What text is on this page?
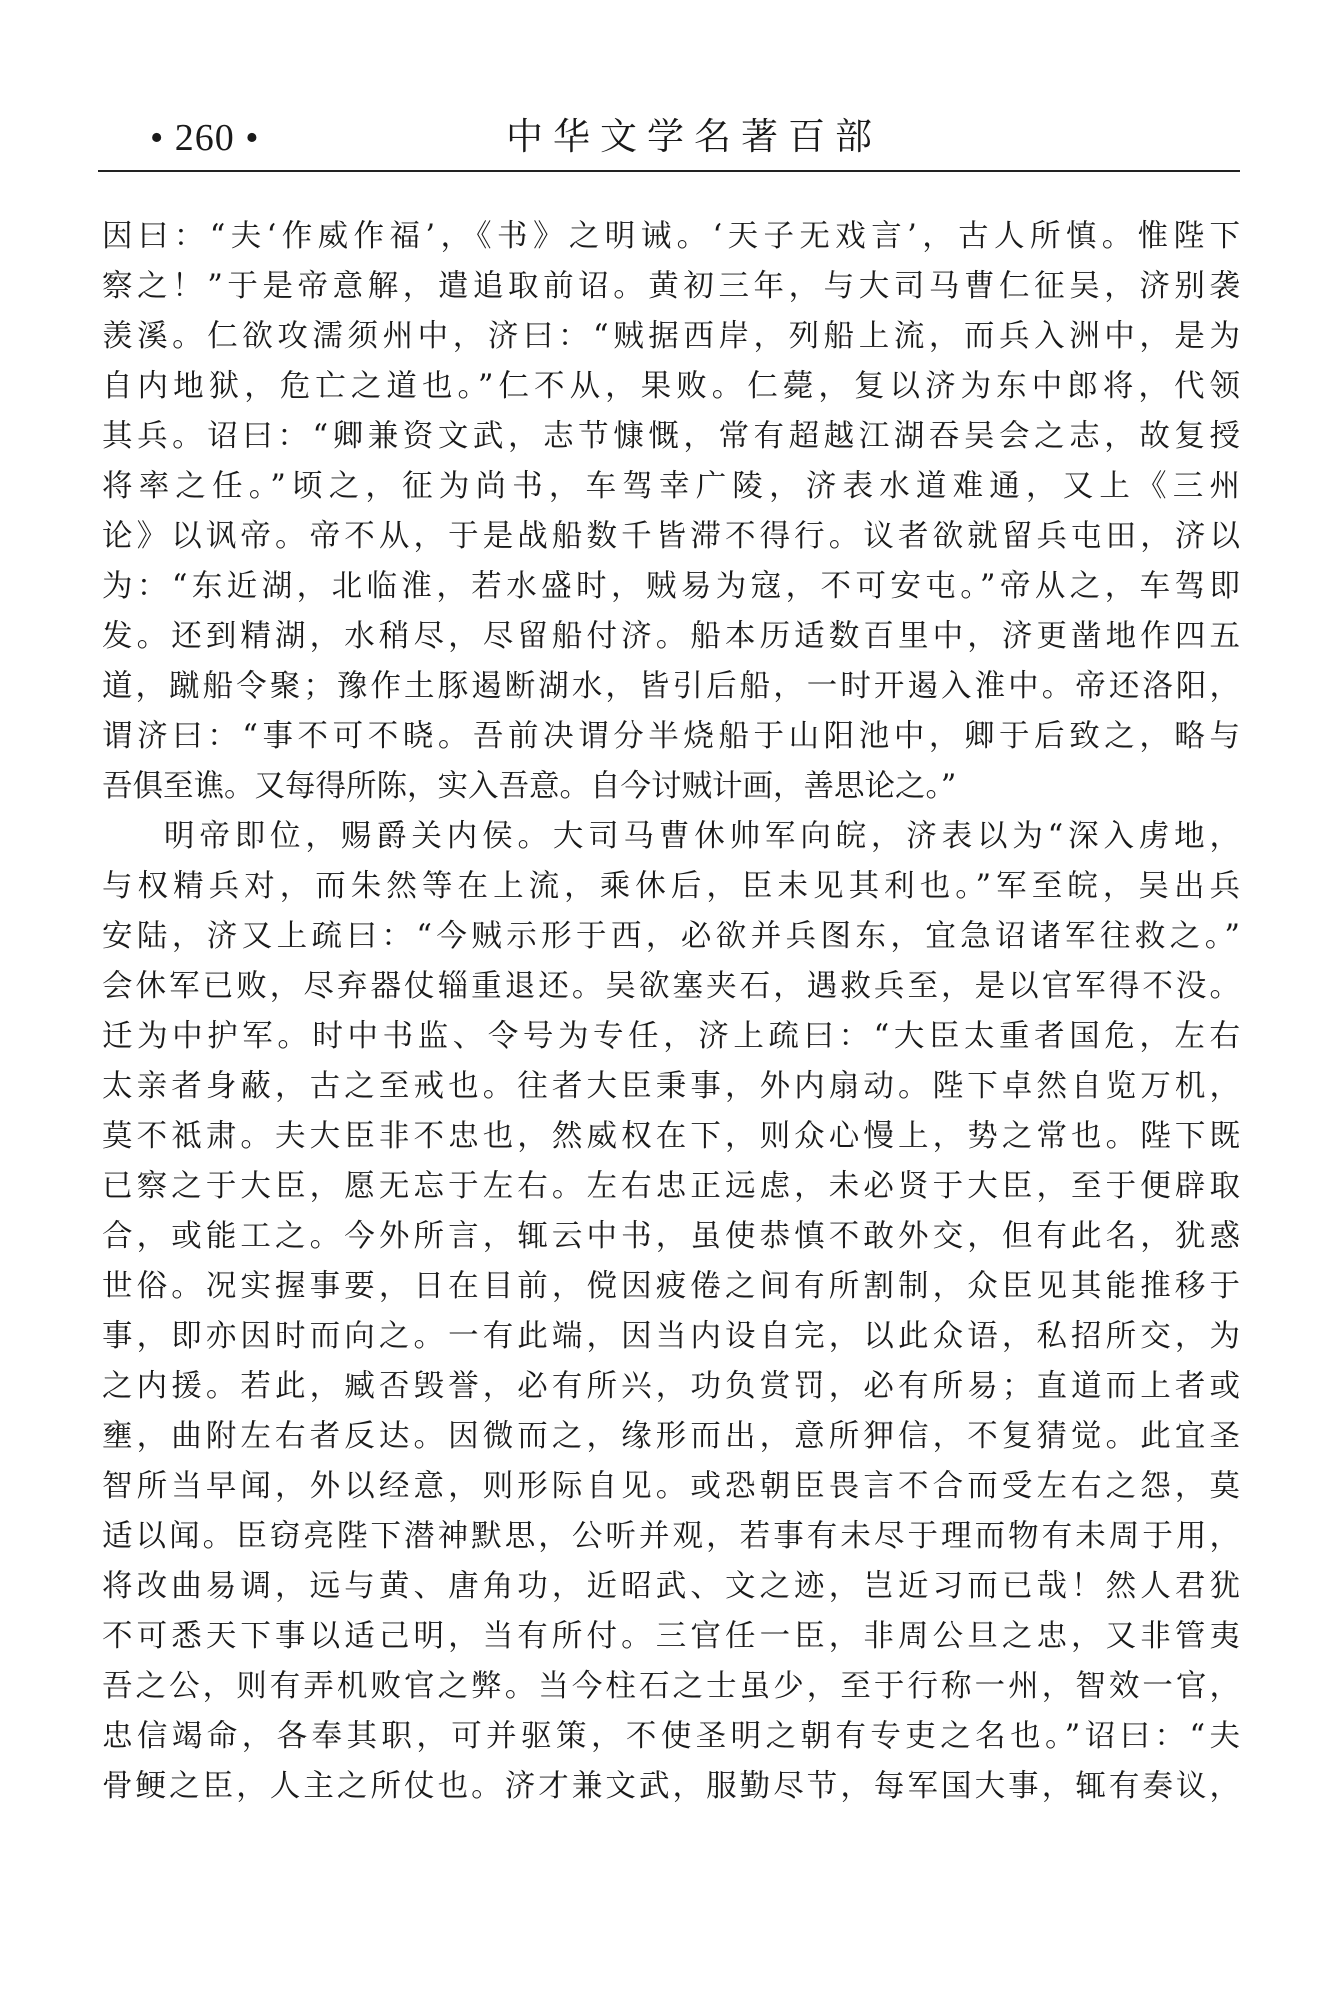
• 260 •	中华文学名著百部
因曰：“夫‘作威作福’，《书》之明诫。‘天子无戏言’，古人所慎。惟陛下
察之！”于是帝意解，遣追取前诏。黄初三年，与大司马曹仁征吴，济别袭
羡溪。仁欲攻濡须州中，济曰：“贼据西岸，列船上流，而兵入洲中，是为
自内地狱，危亡之道也。”仁不从，果败。仁薨，复以济为东中郎将，代领
其兵。诏曰：“卿兼资文武，志节慷慨，常有超越江湖吞吴会之志，故复授
将率之任。”顷之，征为尚书，车驾幸广陵，济表水道难通，又上《三州
论》以讽帝。帝不从，于是战船数千皆滞不得行。议者欲就留兵屯田，济以
为：“东近湖，北临淮，若水盛时，贼易为寇，不可安屯。”帝从之，车驾即
发。还到精湖，水稍尽，尽留船付济。船本历适数百里中，济更凿地作四五
道，蹴船令聚；豫作土豚遏断湖水，皆引后船，一时开遏入淮中。帝还洛阳，
谓济曰：“事不可不晓。吾前决谓分半烧船于山阳池中，卿于后致之，略与
吾俱至谯。又每得所陈，实入吾意。自今讨贼计画，善思论之。”
明帝即位，赐爵关内侯。大司马曹休帅军向皖，济表以为“深入虏地，
与权精兵对，而朱然等在上流，乘休后，臣未见其利也。”军至皖，吴出兵
安陆，济又上疏曰：“今贼示形于西，必欲并兵图东，宜急诏诸军往救之。”
会休军已败，尽弃器仗辎重退还。吴欲塞夹石，遇救兵至，是以官军得不没。
迁为中护军。时中书监、令号为专任，济上疏曰：“大臣太重者国危，左右
太亲者身蔽，古之至戒也。往者大臣秉事，外内扇动。陛下卓然自览万机，
莫不祗肃。夫大臣非不忠也，然威权在下，则众心慢上，势之常也。陛下既
已察之于大臣，愿无忘于左右。左右忠正远虑，未必贤于大臣，至于便辟取
合，或能工之。今外所言，辄云中书，虽使恭慎不敢外交，但有此名，犹惑
世俗。况实握事要，日在目前，傥因疲倦之间有所割制，众臣见其能推移于
事，即亦因时而向之。一有此端，因当内设自完，以此众语，私招所交，为
之内援。若此，臧否毁誉，必有所兴，功负赏罚，必有所易；直道而上者或
壅，曲附左右者反达。因微而之，缘形而出，意所狎信，不复猜觉。此宜圣
智所当早闻，外以经意，则形际自见。或恐朝臣畏言不合而受左右之怨，莫
适以闻。臣窃亮陛下潜神默思，公听并观，若事有未尽于理而物有未周于用，
将改曲易调，远与黄、唐角功，近昭武、文之迹，岂近习而已哉！然人君犹
不可悉天下事以适己明，当有所付。三官任一臣，非周公旦之忠，又非管夷
吾之公，则有弄机败官之弊。当今柱石之士虽少，至于行称一州，智效一官，
忠信竭命，各奉其职，可并驱策，不使圣明之朝有专吏之名也。”诏曰：“夫
骨鲠之臣，人主之所仗也。济才兼文武，服勤尽节，每军国大事，辄有奏议，
